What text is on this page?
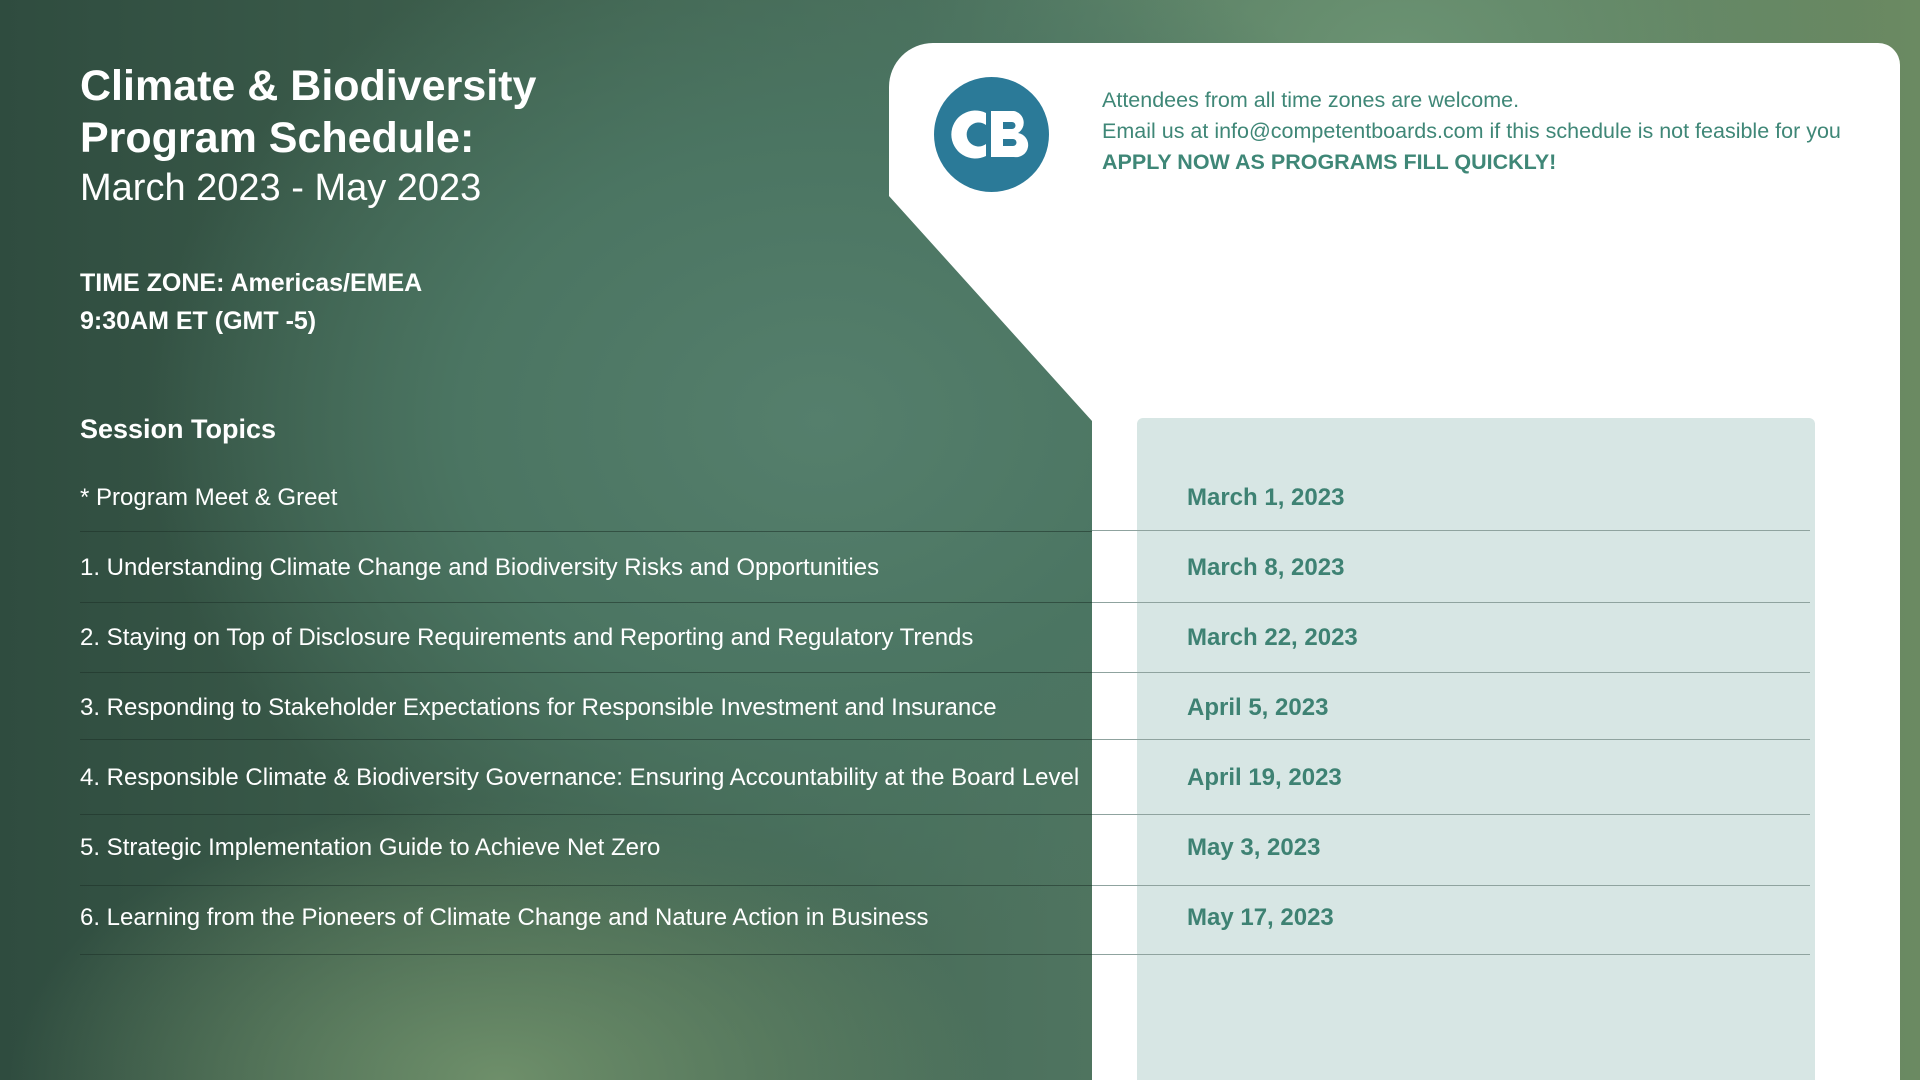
Climate & Biodiversity
Program Schedule:
March 2023 - May 2023
TIME ZONE: Americas/EMEA
9:30AM ET (GMT -5)
Session Topics
* Program Meet & Greet	March 1, 2023
1. Understanding Climate Change and Biodiversity Risks and Opportunities	March 8, 2023
2. Staying on Top of Disclosure Requirements and Reporting and Regulatory Trends	March 22, 2023
3. Responding to Stakeholder Expectations for Responsible Investment and Insurance	April 5, 2023
4. Responsible Climate & Biodiversity Governance: Ensuring Accountability at the Board Level	April 19, 2023
5. Strategic Implementation Guide to Achieve Net Zero	May 3, 2023
6. Learning from the Pioneers of Climate Change and Nature Action in Business	May 17, 2023
Attendees from all time zones are welcome.
Email us at info@competentboards.com if this schedule is not feasible for you
APPLY NOW AS PROGRAMS FILL QUICKLY!
